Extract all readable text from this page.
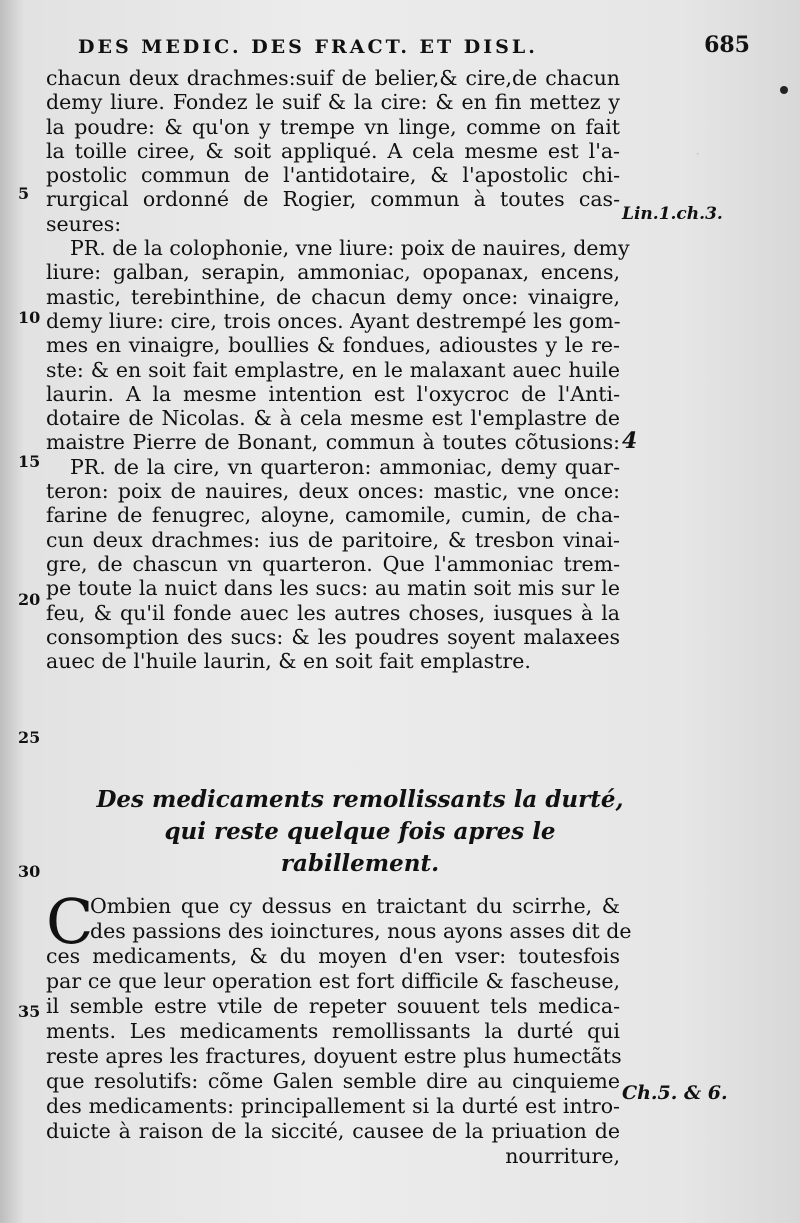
.
DES MEDIC. DES FRACT. ET DISL.	685
chacun deux drachmes:suif de belier,& cire,de chacun
demy liure. Fondez le suif & la cire: & en fin mettez y
la poudre: & qu'on y trempe vn linge, comme on fait
la toille ciree, & soit appliqué. A cela mesme est l'a-
postolic commun de l'antidotaire, & l'apostolic chi-
rurgical ordonné de Rogier, commun à toutes cas-
seures:
PR. de la colophonie, vne liure: poix de nauires, demy
liure: galban, serapin, ammoniac, opopanax, encens,
mastic, terebinthine, de chacun demy once: vinaigre,
demy liure: cire, trois onces. Ayant destrempé les gom-
mes en vinaigre, boullies & fondues, adioustes y le re-
ste: & en soit fait emplastre, en le malaxant auec huile
laurin. A la mesme intention est l'oxycroc de l'Anti-
dotaire de Nicolas. & à cela mesme est l'emplastre de
maistre Pierre de Bonant, commun à toutes cõtusions:
PR. de la cire, vn quarteron: ammoniac, demy quar-
teron: poix de nauires, deux onces: mastic, vne once:
farine de fenugrec, aloyne, camomile, cumin, de cha-
cun deux drachmes: ius de paritoire, & tresbon vinai-
gre, de chascun vn quarteron. Que l'ammoniac trem-
pe toute la nuict dans les sucs: au matin soit mis sur le
feu, & qu'il fonde auec les autres choses, iusques à la
consomption des sucs: & les poudres soyent malaxees
auec de l'huile laurin, & en soit fait emplastre.
Des medicaments remollissants la durté,
qui reste quelque fois apres le
rabillement.
C
Ombien que cy dessus en traictant du scirrhe, &
des passions des ioinctures, nous ayons asses dit de
ces medicaments, & du moyen d'en vser: toutesfois
par ce que leur operation est fort difficile & fascheuse,
il semble estre vtile de repeter souuent tels medica-
ments. Les medicaments remollissants la durté qui
reste apres les fractures, doyuent estre plus humectãts
que resolutifs: cõme Galen semble dire au cinquieme
des medicaments: principallement si la durté est intro-
duicte à raison de la siccité, causee de la priuation de
nourriture,
5
10
15
20
25
30
35
Lin.1.ch.3.
4
Ch.5. & 6.
